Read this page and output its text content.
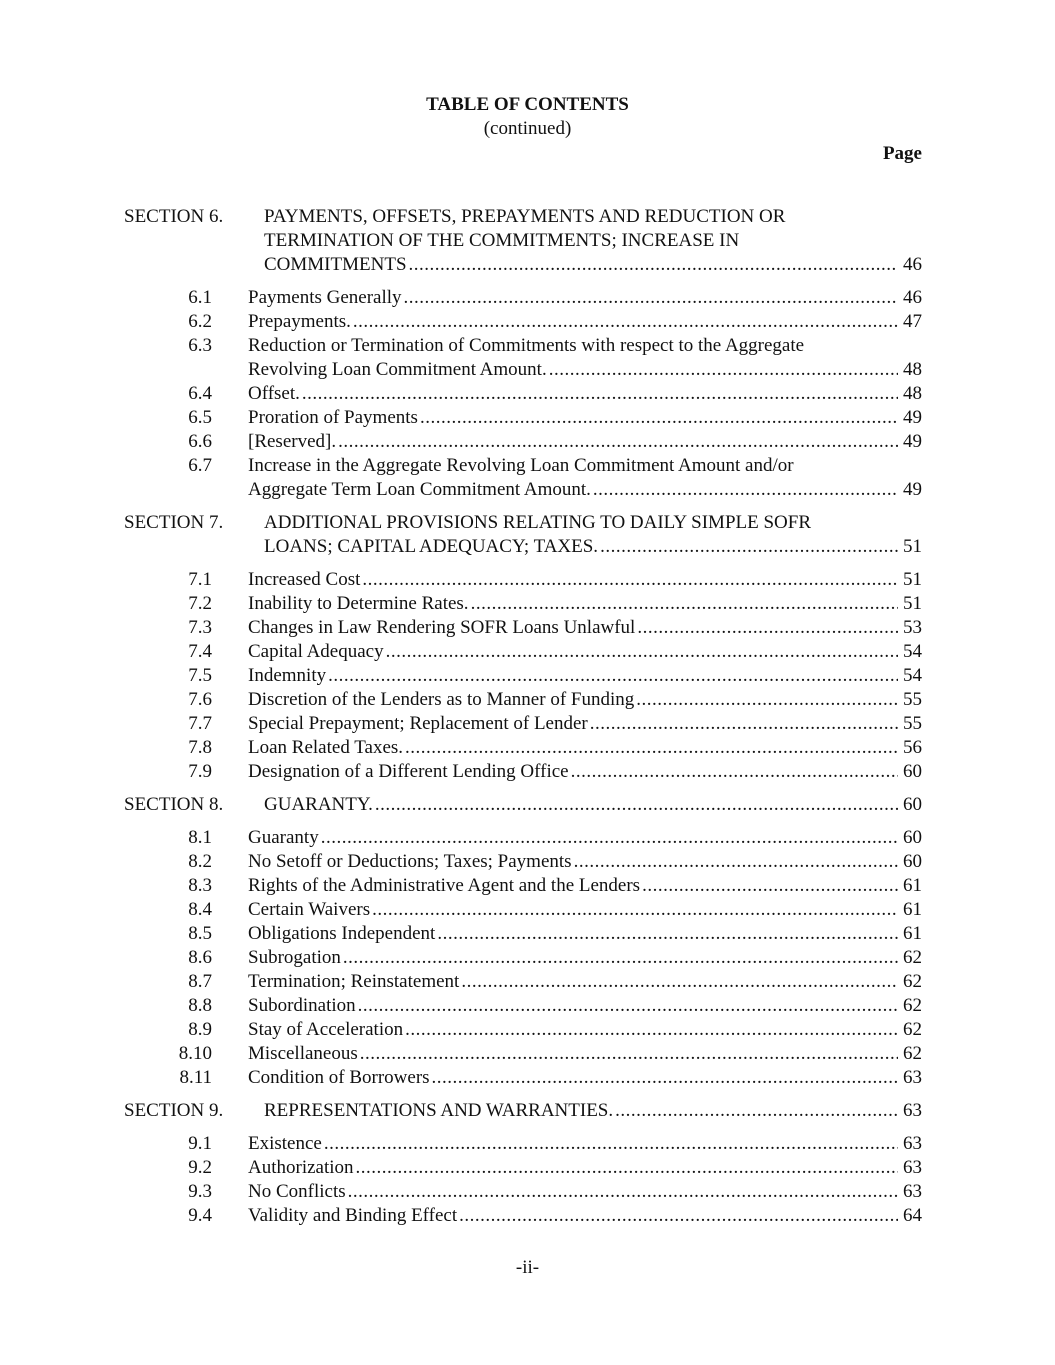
TABLE OF CONTENTS
(continued)
Page
SECTION 6. PAYMENTS, OFFSETS, PREPAYMENTS AND REDUCTION OR
TERMINATION OF THE COMMITMENTS; INCREASE IN
COMMITMENTS .....	46
6.1 Payments Generally .....	46
6.2 Prepayments. .....	47
6.3 Reduction or Termination of Commitments with respect to the Aggregate
Revolving Loan Commitment Amount. .....	48
6.4 Offset. .....	48
6.5 Proration of Payments .....	49
6.6 [Reserved]. .....	49
6.7 Increase in the Aggregate Revolving Loan Commitment Amount and/or
Aggregate Term Loan Commitment Amount. .....	49
SECTION 7. ADDITIONAL PROVISIONS RELATING TO DAILY SIMPLE SOFR
LOANS; CAPITAL ADEQUACY; TAXES. .....	51
7.1 Increased Cost .....	51
7.2 Inability to Determine Rates. .....	51
7.3 Changes in Law Rendering SOFR Loans Unlawful .....	53
7.4 Capital Adequacy .....	54
7.5 Indemnity .....	54
7.6 Discretion of the Lenders as to Manner of Funding .....	55
7.7 Special Prepayment; Replacement of Lender .....	55
7.8 Loan Related Taxes. .....	56
7.9 Designation of a Different Lending Office .....	60
SECTION 8. GUARANTY. .....	60
8.1 Guaranty .....	60
8.2 No Setoff or Deductions; Taxes; Payments .....	60
8.3 Rights of the Administrative Agent and the Lenders .....	61
8.4 Certain Waivers .....	61
8.5 Obligations Independent .....	61
8.6 Subrogation .....	62
8.7 Termination; Reinstatement .....	62
8.8 Subordination .....	62
8.9 Stay of Acceleration .....	62
8.10 Miscellaneous .....	62
8.11 Condition of Borrowers .....	63
SECTION 9. REPRESENTATIONS AND WARRANTIES. .....	63
9.1 Existence .....	63
9.2 Authorization .....	63
9.3 No Conflicts .....	63
9.4 Validity and Binding Effect .....	64
-ii-
